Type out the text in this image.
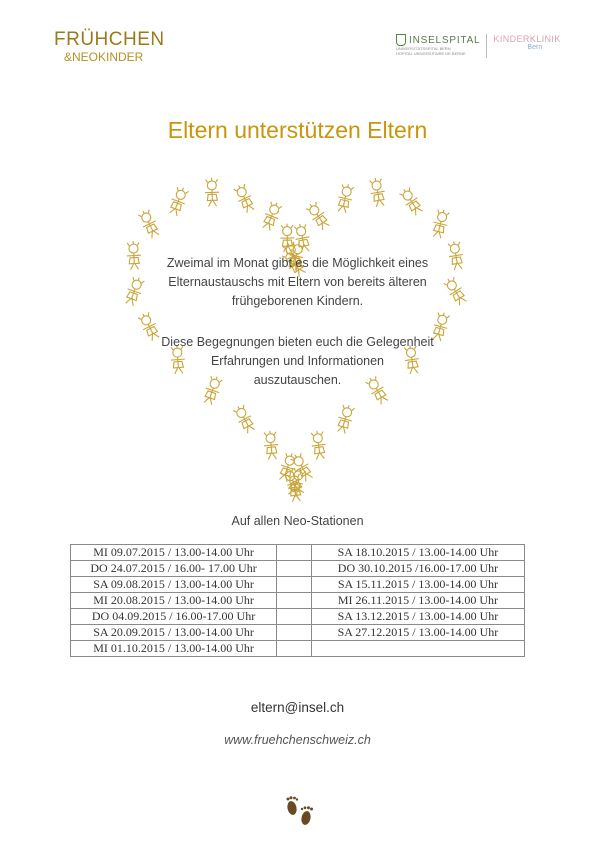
FRÜHCHEN
&NEOKINDER
INSELSPITAL
UNIVERSITÄTSSPITAL BERN
HOPITAL UNIVERSITAIRE DE BERNE
KINDERKLINIK
Bern
Eltern unterstützen Eltern
Zweimal im Monat gibt es die Möglichkeit eines
Elternaustauschs mit Eltern von bereits älteren
frühgeborenen Kindern.
Diese Begegnungen bieten euch die Gelegenheit
Erfahrungen und Informationen
auszutauschen.
Auf allen Neo-Stationen
MI 09.07.2015 / 13.00-14.00 Uhr		SA 18.10.2015 / 13.00-14.00 Uhr
DO 24.07.2015 / 16.00- 17.00 Uhr		DO 30.10.2015 /16.00-17.00 Uhr
SA 09.08.2015 / 13.00-14.00 Uhr		SA 15.11.2015 / 13.00-14.00 Uhr
MI 20.08.2015 / 13.00-14.00 Uhr		MI 26.11.2015 / 13.00-14.00 Uhr
DO 04.09.2015 / 16.00-17.00 Uhr		SA 13.12.2015 / 13.00-14.00 Uhr
SA 20.09.2015 / 13.00-14.00 Uhr		SA 27.12.2015 / 13.00-14.00 Uhr
MI 01.10.2015 / 13.00-14.00 Uhr		
eltern@insel.ch
www.fruehchenschweiz.ch
